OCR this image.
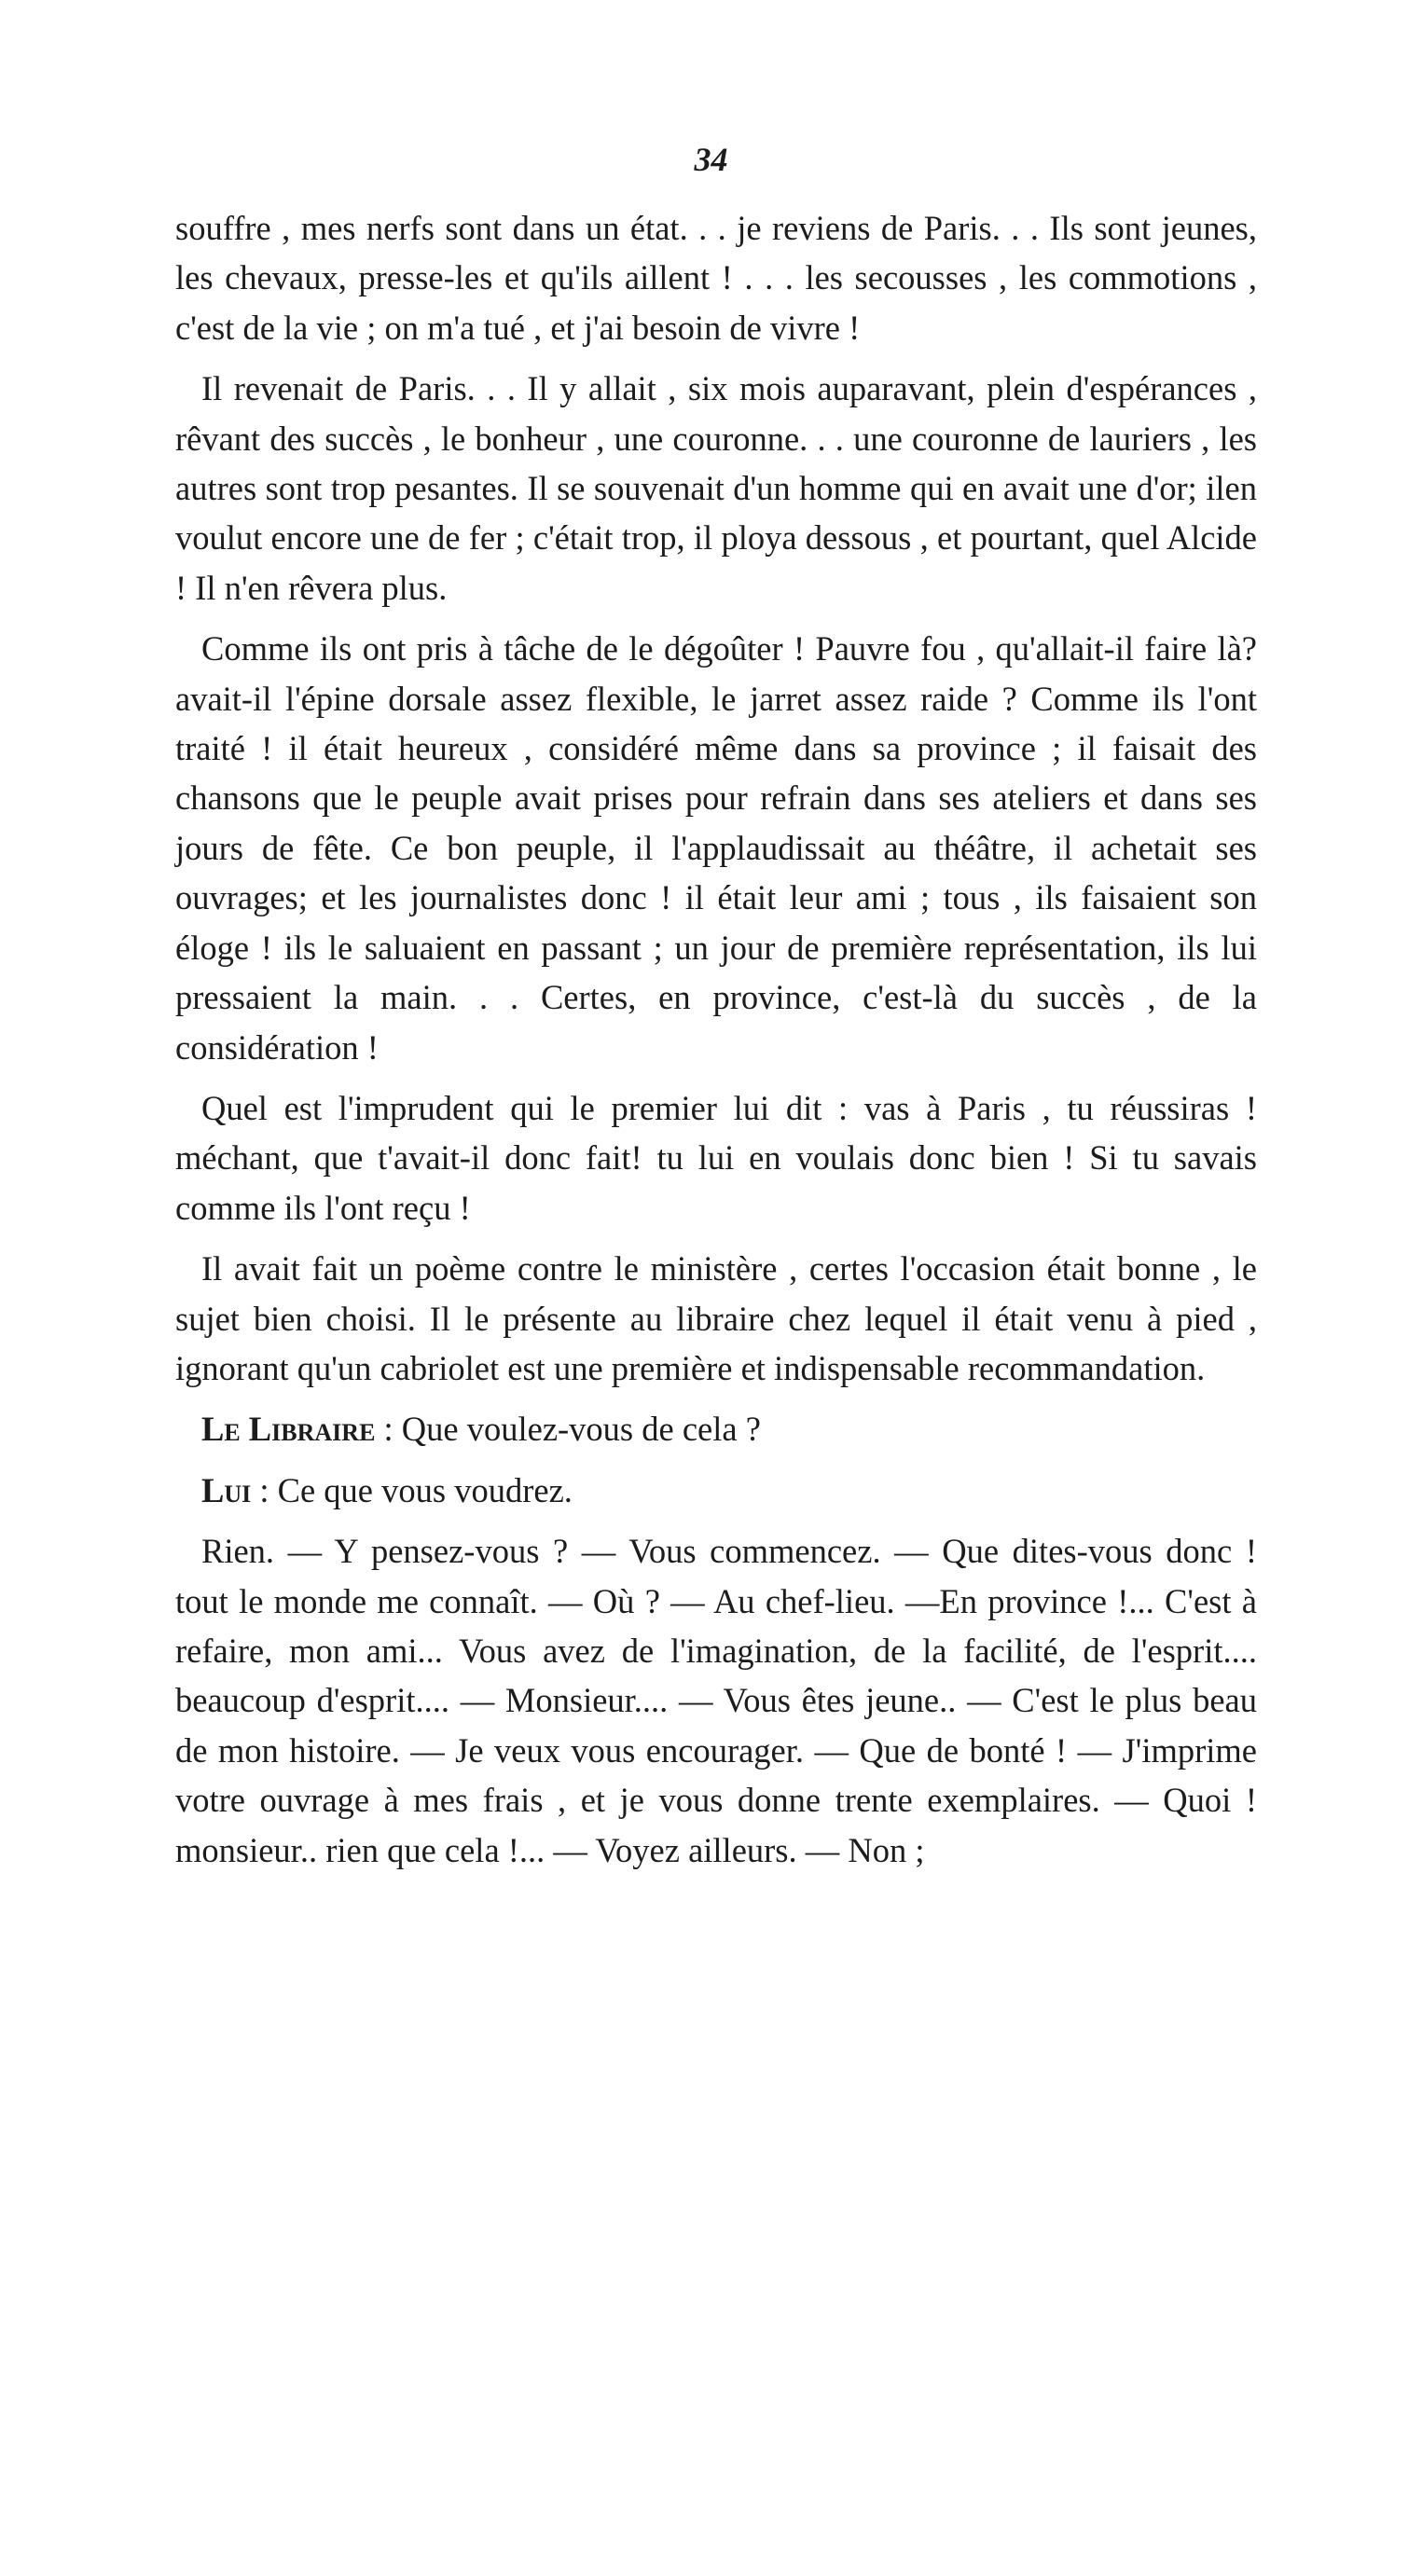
34

souffre , mes nerfs sont dans un état. . . je reviens de Paris. . . Ils sont jeunes, les chevaux, presse-les et qu'ils aillent ! . . . les secousses , les commotions , c'est de la vie ; on m'a tué , et j'ai besoin de vivre !

Il revenait de Paris. . . Il y allait , six mois auparavant, plein d'espérances , rêvant des succès , le bonheur , une couronne. . . une couronne de lauriers , les autres sont trop pesantes. Il se souvenait d'un homme qui en avait une d'or; ilen voulut encore une de fer ; c'était trop, il ploya dessous , et pourtant, quel Alcide ! Il n'en rêvera plus.

Comme ils ont pris à tâche de le dégoûter ! Pauvre fou , qu'allait-il faire là? avait-il l'épine dorsale assez flexible, le jarret assez raide ? Comme ils l'ont traité ! il était heureux , considéré même dans sa province ; il faisait des chansons que le peuple avait prises pour refrain dans ses ateliers et dans ses jours de fête. Ce bon peuple, il l'applaudissait au théâtre, il achetait ses ouvrages; et les journalistes donc ! il était leur ami ; tous , ils faisaient son éloge ! ils le saluaient en passant ; un jour de première représentation, ils lui pressaient la main. . . Certes, en province, c'est-là du succès , de la considération !

Quel est l'imprudent qui le premier lui dit : vas à Paris , tu réussiras ! méchant, que t'avait-il donc fait! tu lui en voulais donc bien ! Si tu savais comme ils l'ont reçu !

Il avait fait un poème contre le ministère , certes l'occasion était bonne , le sujet bien choisi. Il le présente au libraire chez lequel il était venu à pied , ignorant qu'un cabriolet est une première et indispensable recommandation.

Le Libraire : Que voulez-vous de cela ?

Lui : Ce que vous voudrez.

Rien. — Y pensez-vous ? — Vous commencez. — Que dites-vous donc ! tout le monde me connaît. — Où ? — Au chef-lieu. —En province !... C'est à refaire, mon ami... Vous avez de l'imagination, de la facilité, de l'esprit.... beaucoup d'esprit.... — Monsieur.... — Vous êtes jeune.. — C'est le plus beau de mon histoire. — Je veux vous encourager. — Que de bonté ! — J'imprime votre ouvrage à mes frais , et je vous donne trente exemplaires. — Quoi ! monsieur.. rien que cela !... — Voyez ailleurs. — Non ;
